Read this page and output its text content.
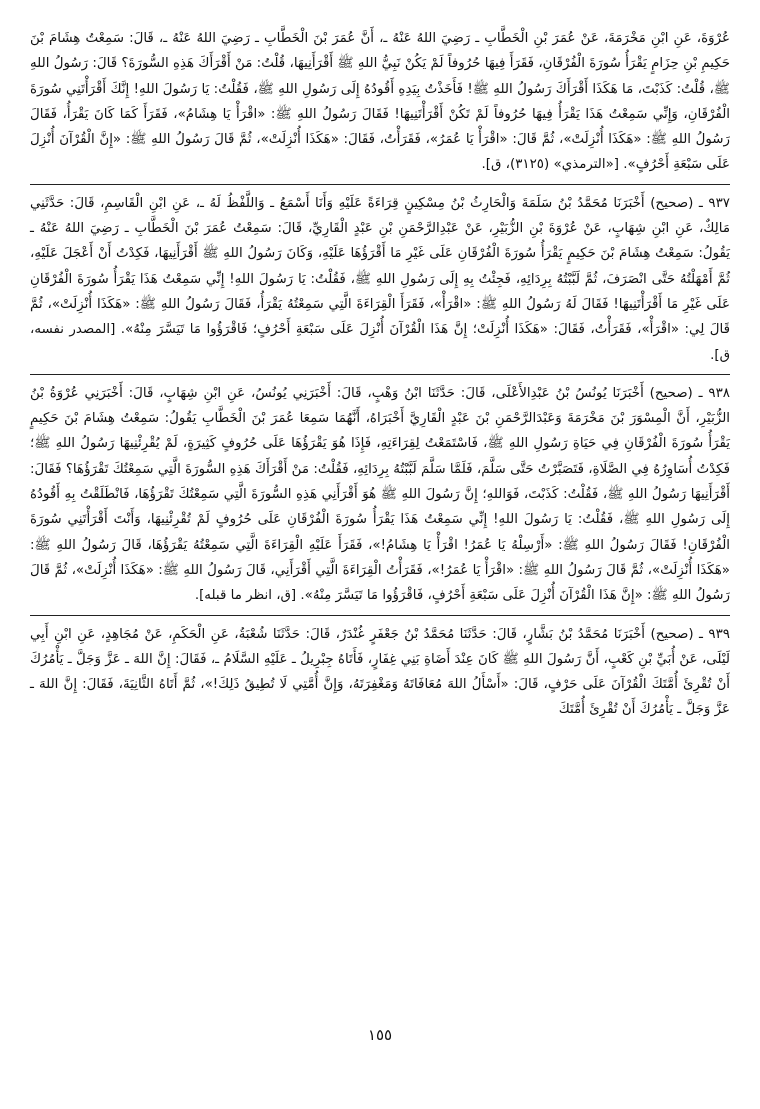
عُرْوَةَ، عَنِ ابْنِ مَخْرَمَةَ، عَنْ عُمَرَ بْنِ الْخَطَّابِ ـ رَضِيَ اللهُ عَنْهُ ـ، أَنَّ عُمَرَ بْنَ الْخَطَّابِ ـ رَضِيَ اللهُ عَنْهُ ـ، قَالَ: سَمِعْتُ هِشَامَ بْنَ حَكِيمِ بْنِ حِزَامٍ يَقْرَأُ سُورَةَ الْفُرْقَانِ، فَقَرَأَ فِيهَا حُرُوفاً لَمْ يَكُنْ نَبِيُّ اللهِ ﷺ أَقْرَأَنِيهَا، قُلْتُ: مَنْ أَقْرَأَكَ هَذِهِ السُّورَةَ؟ قَالَ: رَسُولُ اللهِ ﷺ، قُلْتُ: كَذَبْتَ، مَا هَكَذَا أَقْرَأَكَ رَسُولُ اللهِ ﷺ! فَأَخَذْتُ بِيَدِهِ أَقُودُهُ إِلَى رَسُولِ اللهِ ﷺ، فَقُلْتُ: يَا رَسُولَ اللهِ! إِنَّكَ أَقْرَأْتَنِي سُورَةَ الْفُرْقَانِ، وَإِنِّي سَمِعْتُ هَذَا يَقْرَأُ فِيهَا حُرُوفاً لَمْ تَكُنْ أَقْرَأْتَنِيهَا! فَقَالَ رَسُولُ اللهِ ﷺ: «اقْرَأْ يَا هِشَامُ»، فَقَرَأَ كَمَا كَانَ يَقْرَأُ، فَقَالَ رَسُولُ اللهِ ﷺ: «هَكَذَا أُنْزِلَتْ»، ثُمَّ قَالَ: «اقْرَأْ يَا عُمَرُ»، فَقَرَأْتُ، فَقَالَ: «هَكَذَا أُنْزِلَتْ»، ثُمَّ قَالَ رَسُولُ اللهِ ﷺ: «إِنَّ الْقُرْآنَ أُنْزِلَ عَلَى سَبْعَةِ أَحْرُفٍ». [«الترمذي» (٣١٢٥)، ق].

٩٣٧ ـ (صحيح) أَخْبَرَنَا مُحَمَّدُ بْنُ سَلَمَةَ وَالْحَارِثُ بْنُ مِسْكِينٍ قِرَاءَةً عَلَيْهِ وَأَنَا أَسْمَعُ ـ وَاللَّفْظُ لَهُ ـ، عَنِ ابْنِ الْقَاسِمِ، قَالَ: حَدَّثَنِي مَالِكٌ، عَنِ ابْنِ شِهَابٍ، عَنْ عُرْوَةَ بْنِ الزُّبَيْرِ، عَنْ عَبْدِالرَّحْمَنِ بْنِ عَبْدٍ الْقَارِيِّ، قَالَ: سَمِعْتُ عُمَرَ بْنَ الْخَطَّابِ ـ رَضِيَ اللهُ عَنْهُ ـ يَقُولُ: سَمِعْتُ هِشَامَ بْنَ حَكِيمٍ يَقْرَأُ سُورَةَ الْفُرْقَانِ عَلَى غَيْرِ مَا أَقْرَؤُهَا عَلَيْهِ، وَكَانَ رَسُولُ اللهِ ﷺ أَقْرَأَنِيهَا، فَكِدْتُ أَنْ أَعْجَلَ عَلَيْهِ، ثُمَّ أَمْهَلْتُهُ حَتَّى انْصَرَفَ، ثُمَّ لَبَّبْتُهُ بِرِدَائِهِ، فَجِئْتُ بِهِ إِلَى رَسُولِ اللهِ ﷺ، فَقُلْتُ: يَا رَسُولَ اللهِ! إِنِّي سَمِعْتُ هَذَا يَقْرَأُ سُورَةَ الْفُرْقَانِ عَلَى غَيْرِ مَا أَقْرَأْتَنِيهَا! فَقَالَ لَهُ رَسُولُ اللهِ ﷺ: «اقْرَأْ»، فَقَرَأَ الْقِرَاءَةَ الَّتِي سَمِعْتُهُ يَقْرَأُ، فَقَالَ رَسُولُ اللهِ ﷺ: «هَكَذَا أُنْزِلَتْ»، ثُمَّ قَالَ لِي: «اقْرَأْ»، فَقَرَأْتُ، فَقَالَ: «هَكَذَا أُنْزِلَتْ؛ إِنَّ هَذَا الْقُرْآنَ أُنْزِلَ عَلَى سَبْعَةِ أَحْرُفٍ؛ فَاقْرَؤُوا مَا تَيَسَّرَ مِنْهُ». [المصدر نفسه، ق].

٩٣٨ ـ (صحيح) أَخْبَرَنَا يُونُسُ بْنُ عَبْدِالأَعْلَى، قَالَ: حَدَّثَنَا ابْنُ وَهْبٍ، قَالَ: أَخْبَرَنِي يُونُسُ، عَنِ ابْنِ شِهَابٍ، قَالَ: أَخْبَرَنِي عُرْوَةُ بْنُ الزُّبَيْرِ، أَنَّ الْمِسْوَرَ بْنَ مَخْرَمَةَ وَعَبْدَالرَّحْمَنِ بْنَ عَبْدٍ الْقَارِيَّ أَخْبَرَاهُ، أَنَّهُمَا سَمِعَا عُمَرَ بْنَ الْخَطَّابِ يَقُولُ: سَمِعْتُ هِشَامَ بْنَ حَكِيمٍ يَقْرَأُ سُورَةَ الْفُرْقَانِ فِي حَيَاةِ رَسُولِ اللهِ ﷺ، فَاسْتَمَعْتُ لِقِرَاءَتِهِ، فَإِذَا هُوَ يَقْرَؤُهَا عَلَى حُرُوفٍ كَثِيرَةٍ، لَمْ يُقْرِئْنِيهَا رَسُولُ اللهِ ﷺ؛ فَكِدْتُ أُسَاوِرُهُ فِي الصَّلَاةِ، فَتَصَبَّرْتُ حَتَّى سَلَّمَ، فَلَمَّا سَلَّمَ لَبَّبْتُهُ بِرِدَائِهِ، فَقُلْتُ: مَنْ أَقْرَأَكَ هَذِهِ السُّورَةَ الَّتِي سَمِعْتُكَ تَقْرَؤُهَا؟ فَقَالَ: أَقْرَأَنِيهَا رَسُولُ اللهِ ﷺ، فَقُلْتُ: كَذَبْتَ، فَوَاللهِ؛ إِنَّ رَسُولَ اللهِ ﷺ هُوَ أَقْرَأَنِي هَذِهِ السُّورَةَ الَّتِي سَمِعْتُكَ تَقْرَؤُهَا، فَانْطَلَقْتُ بِهِ أَقُودُهُ إِلَى رَسُولِ اللهِ ﷺ، فَقُلْتُ: يَا رَسُولَ اللهِ! إِنِّي سَمِعْتُ هَذَا يَقْرَأُ سُورَةَ الْفُرْقَانِ عَلَى حُرُوفٍ لَمْ تُقْرِئْنِيهَا، وَأَنْتَ أَقْرَأْتَنِي سُورَةَ الْفُرْقَانِ! فَقَالَ رَسُولُ اللهِ ﷺ: «أَرْسِلْهُ يَا عُمَرُ! اقْرَأْ يَا هِشَامُ!»، فَقَرَأَ عَلَيْهِ الْقِرَاءَةَ الَّتِي سَمِعْتُهُ يَقْرَؤُهَا، قَالَ رَسُولُ اللهِ ﷺ: «هَكَذَا أُنْزِلَتْ»، ثُمَّ قَالَ رَسُولُ اللهِ ﷺ: «اقْرَأْ يَا عُمَرُ!»، فَقَرَأْتُ الْقِرَاءَةَ الَّتِي أَقْرَأَنِي، قَالَ رَسُولُ اللهِ ﷺ: «هَكَذَا أُنْزِلَتْ»، ثُمَّ قَالَ رَسُولُ اللهِ ﷺ: «إِنَّ هَذَا الْقُرْآنَ أُنْزِلَ عَلَى سَبْعَةِ أَحْرُفٍ، فَاقْرَؤُوا مَا تَيَسَّرَ مِنْهُ». [ق، انظر ما قبله].

٩٣٩ ـ (صحيح) أَخْبَرَنَا مُحَمَّدُ بْنُ بَشَّارٍ، قَالَ: حَدَّثَنَا مُحَمَّدُ بْنُ جَعْفَرٍ غُنْدَرٌ، قَالَ: حَدَّثَنَا شُعْبَةُ، عَنِ الْحَكَمِ، عَنْ مُجَاهِدٍ، عَنِ ابْنِ أَبِي لَيْلَى، عَنْ أُبَيِّ بْنِ كَعْبٍ، أَنَّ رَسُولَ اللهِ ﷺ كَانَ عِنْدَ أَضَاةِ بَنِي غِفَارٍ، فَأَتَاهُ جِبْرِيلُ ـ عَلَيْهِ السَّلَامُ ـ، فَقَالَ: إِنَّ اللهَ ـ عَزَّ وَجَلَّ ـ يَأْمُرُكَ أَنْ تُقْرِئَ أُمَّتَكَ الْقُرْآنَ عَلَى حَرْفٍ، قَالَ: «أَسْأَلُ اللهَ مُعَافَاتَهُ وَمَغْفِرَتَهُ، وَإِنَّ أُمَّتِي لَا تُطِيقُ ذَلِكَ!»، ثُمَّ أَتَاهُ الثَّانِيَةَ، فَقَالَ: إِنَّ اللهَ ـ عَزَّ وَجَلَّ ـ يَأْمُرُكَ أَنْ تُقْرِئَ أُمَّتَكَ

١٥٥
